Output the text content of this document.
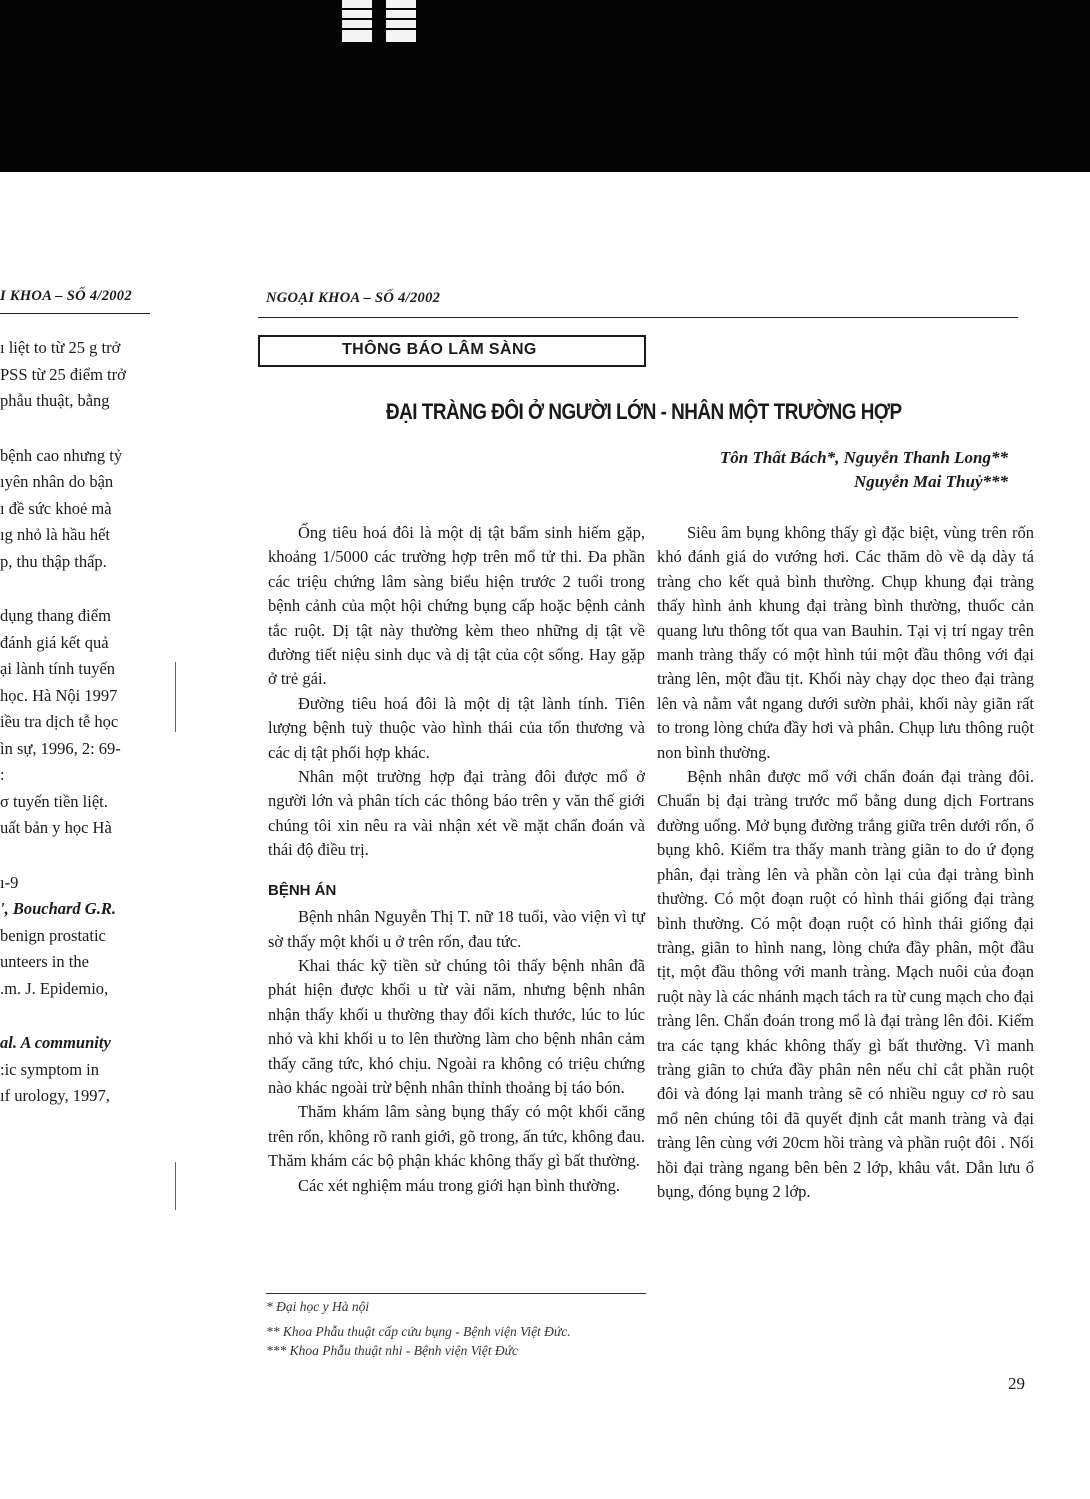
I KHOA – SỐ 4/2002	NGOẠI KHOA – SỐ 4/2002
ı liệt to từ 25 g trở
PSS từ 25 điểm trở
phẫu thuật, bằng
bệnh cao nhưng tỷ
ıyên nhân do bận
ı đề sức khoẻ mà
ıg nhỏ là hầu hết
p, thu thập thấp.
dụng thang điểm
đánh giá kết quả
ại lành tính tuyến
học. Hà Nội 1997
iều tra dịch tễ học
ìn sự, 1996, 2: 69-
:
σ tuyến tiền liệt.
uất bản y học Hà
ı-9
', Bouchard G.R.
benign prostatic
unteers in the
.m. J. Epidemio,
al. A community
:ic symptom in
ıf urology, 1997,
THÔNG BÁO LÂM SÀNG
ĐẠI TRÀNG ĐÔI Ở NGƯỜI LỚN - NHÂN MỘT TRƯỜNG HỢP
Tôn Thất Bách*, Nguyễn Thanh Long**
Nguyễn Mai Thuỷ***

Ống tiêu hoá đôi là một dị tật bẩm sinh hiếm gặp, khoảng 1/5000 các trường hợp trên mổ tử thi. Đa phần các triệu chứng lâm sàng biểu hiện trước 2 tuổi trong bệnh cảnh của một hội chứng bụng cấp hoặc bệnh cảnh tắc ruột. Dị tật này thường kèm theo những dị tật về đường tiết niệu sinh dục và dị tật của cột sống. Hay gặp ở trẻ gái.

Đường tiêu hoá đôi là một dị tật lành tính. Tiên lượng bệnh tuỳ thuộc vào hình thái của tổn thương và các dị tật phối hợp khác.

Nhân một trường hợp đại tràng đôi được mổ ở người lớn và phân tích các thông báo trên y văn thế giới chúng tôi xin nêu ra vài nhận xét về mặt chẩn đoán và thái độ điều trị.

BỆNH ÁN

Bệnh nhân Nguyễn Thị T. nữ 18 tuổi, vào viện vì tự sờ thấy một khối u ở trên rốn, đau tức.

Khai thác kỹ tiền sử chúng tôi thấy bệnh nhân đã phát hiện được khối u từ vài năm, nhưng bệnh nhân nhận thấy khối u thường thay đổi kích thước, lúc to lúc nhỏ và khi khối u to lên thường làm cho bệnh nhân cảm thấy căng tức, khó chịu. Ngoài ra không có triệu chứng nào khác ngoài trừ bệnh nhân thỉnh thoảng bị táo bón.

Thăm khám lâm sàng bụng thấy có một khối căng trên rốn, không rõ ranh giới, gõ trong, ấn tức, không đau. Thăm khám các bộ phận khác không thấy gì bất thường.

Các xét nghiệm máu trong giới hạn bình thường.

Siêu âm bụng không thấy gì đặc biệt, vùng trên rốn khó đánh giá do vướng hơi. Các thăm dò về dạ dày tá tràng cho kết quả bình thường. Chụp khung đại tràng thấy hình ảnh khung đại tràng bình thường, thuốc cản quang lưu thông tốt qua van Bauhin. Tại vị trí ngay trên manh tràng thấy có một hình túi một đầu thông với đại tràng lên, một đầu tịt. Khối này chạy dọc theo đại tràng lên và nằm vắt ngang dưới sườn phải, khối này giãn rất to trong lòng chứa đầy hơi và phân. Chụp lưu thông ruột non bình thường.

Bệnh nhân được mổ với chẩn đoán đại tràng đôi. Chuẩn bị đại tràng trước mổ bằng dung dịch Fortrans đường uống. Mở bụng đường trắng giữa trên dưới rốn, ổ bụng khô. Kiểm tra thấy manh tràng giãn to do ứ đọng phân, đại tràng lên và phần còn lại của đại tràng bình thường. Có một đoạn ruột có hình thái giống đại tràng bình thường. Có một đoạn ruột có hình thái giống đại tràng, giãn to hình nang, lòng chứa đầy phân, một đầu tịt, một đầu thông với manh tràng. Mạch nuôi của đoạn ruột này là các nhánh mạch tách ra từ cung mạch cho đại tràng lên. Chẩn đoán trong mổ là đại tràng lên đôi. Kiểm tra các tạng khác không thấy gì bất thường. Vì manh tràng giãn to chứa đầy phân nên nếu chỉ cắt phần ruột đôi và đóng lại manh tràng sẽ có nhiều nguy cơ rò sau mổ nên chúng tôi đã quyết định cắt manh tràng và đại tràng lên cùng với 20cm hồi tràng và phần ruột đôi . Nối hồi đại tràng ngang bên bên 2 lớp, khâu vắt. Dẫn lưu ổ bụng, đóng bụng 2 lớp.

* Đại học y Hà nội
** Khoa Phẫu thuật cấp cứu bụng - Bệnh viện Việt Đức.
*** Khoa Phẫu thuật nhi - Bệnh viện Việt Đức
29
